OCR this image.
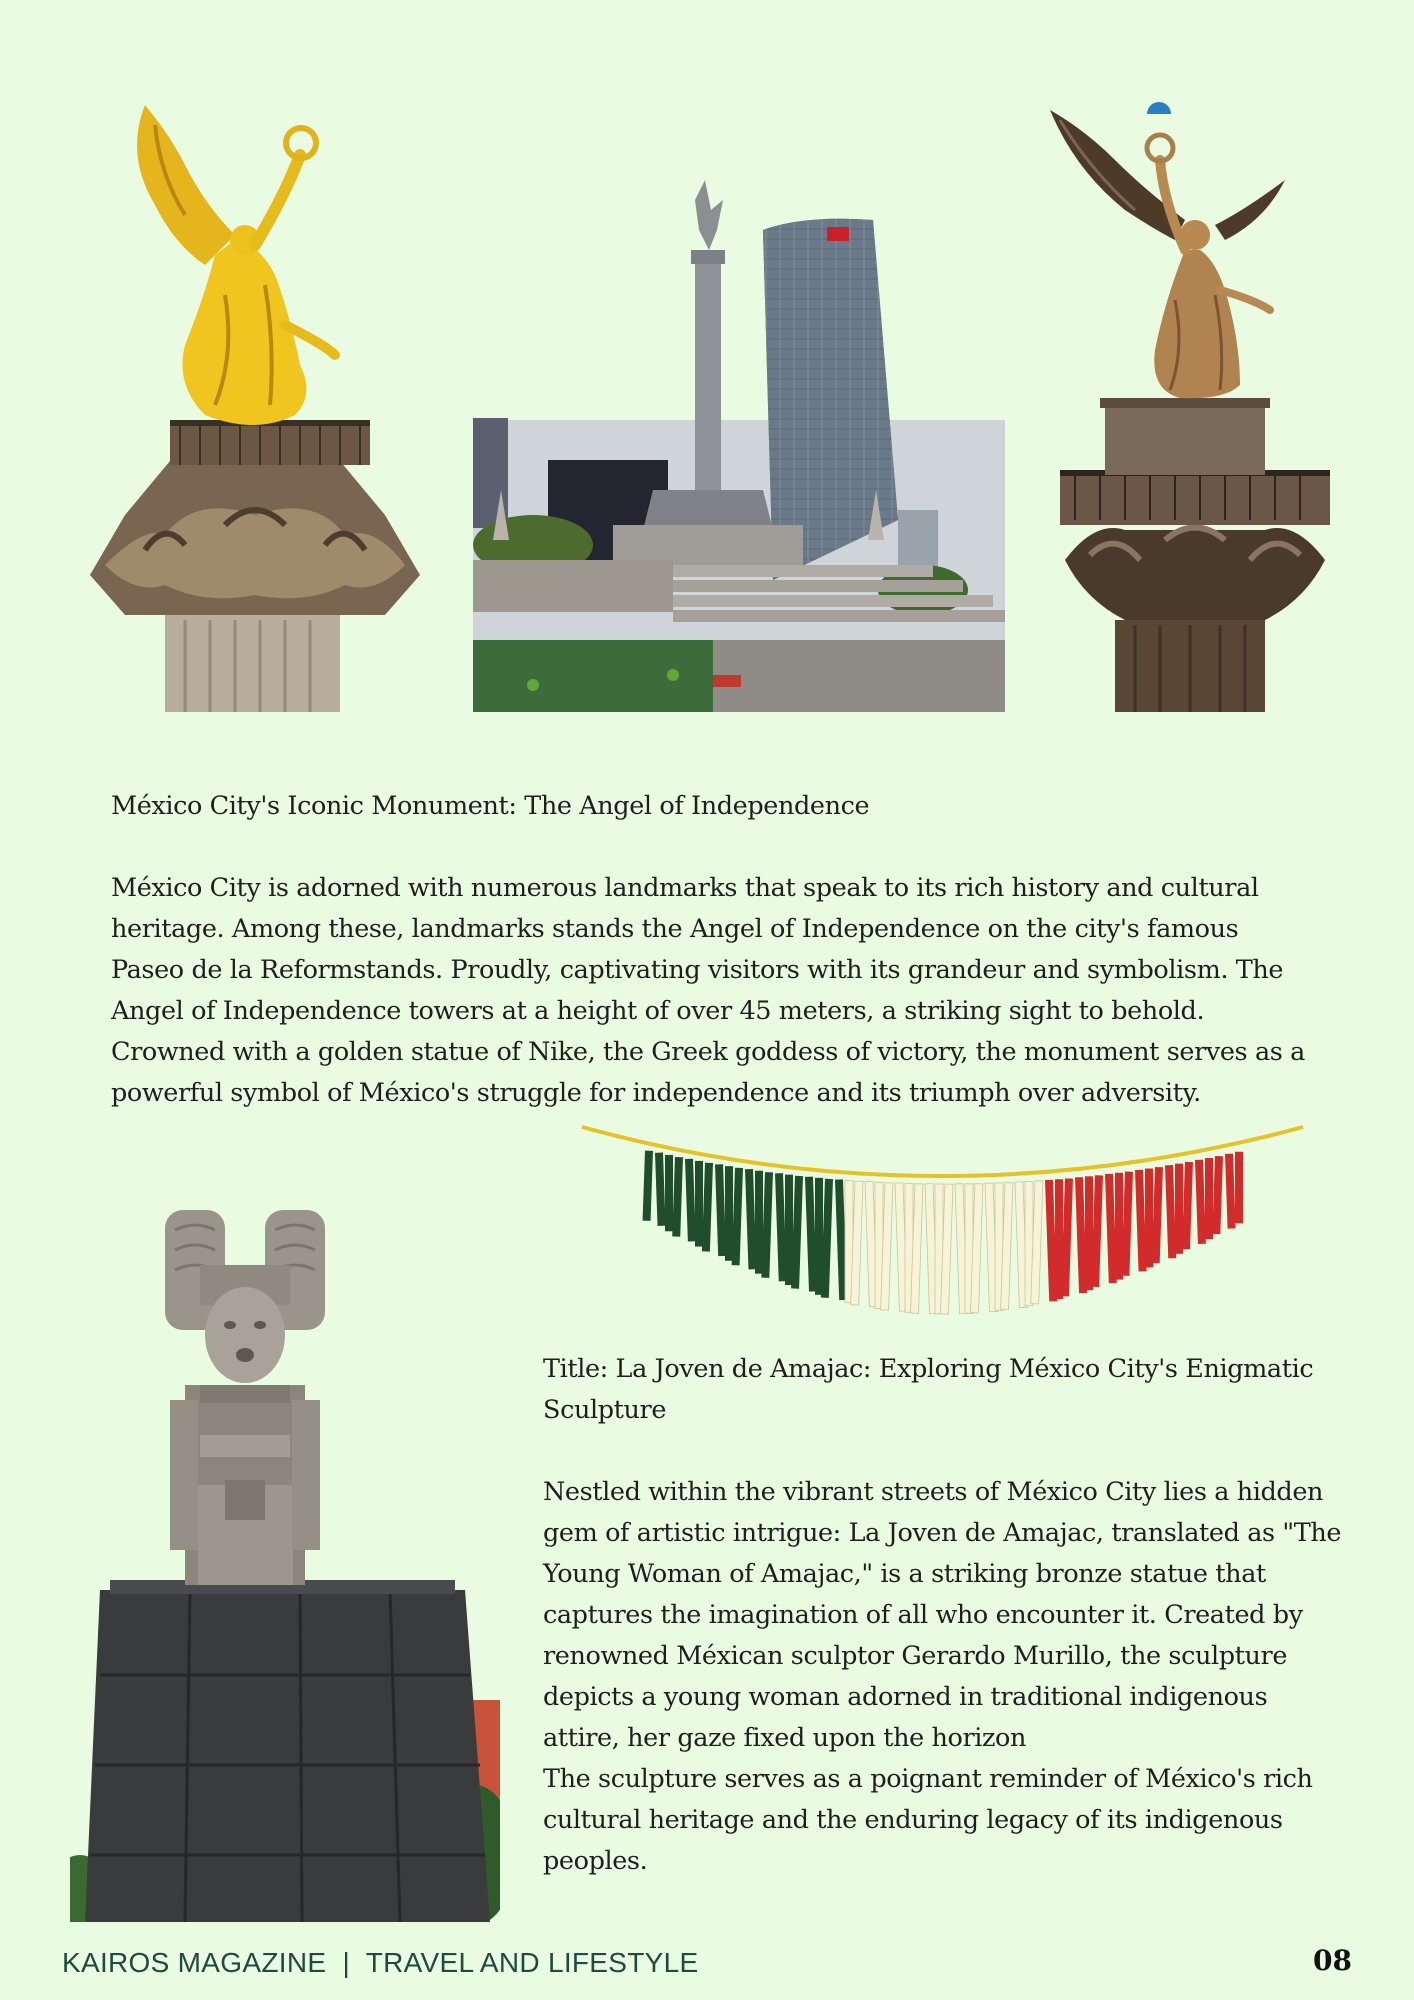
México City's Iconic Monument: The Angel of Independence

México City is adorned with numerous landmarks that speak to its rich history and cultural heritage. Among these, landmarks stands the Angel of Independence on the city's famous Paseo de la Reformstands. Proudly, captivating visitors with its grandeur and symbolism. The Angel of Independence towers at a height of over 45 meters, a striking sight to behold. Crowned with a golden statue of Nike, the Greek goddess of victory, the monument serves as a powerful symbol of México's struggle for independence and its triumph over adversity.

Title: La Joven de Amajac: Exploring México City's Enigmatic Sculpture

Nestled within the vibrant streets of México City lies a hidden gem of artistic intrigue: La Joven de Amajac, translated as "The Young Woman of Amajac," is a striking bronze statue that captures the imagination of all who encounter it. Created by renowned Méxican sculptor Gerardo Murillo, the sculpture depicts a young woman adorned in traditional indigenous attire, her gaze fixed upon the horizon

The sculpture serves as a poignant reminder of México's rich cultural heritage and the enduring legacy of its indigenous peoples.

KAIROS MAGAZINE  |  TRAVEL AND LIFESTYLE	08
